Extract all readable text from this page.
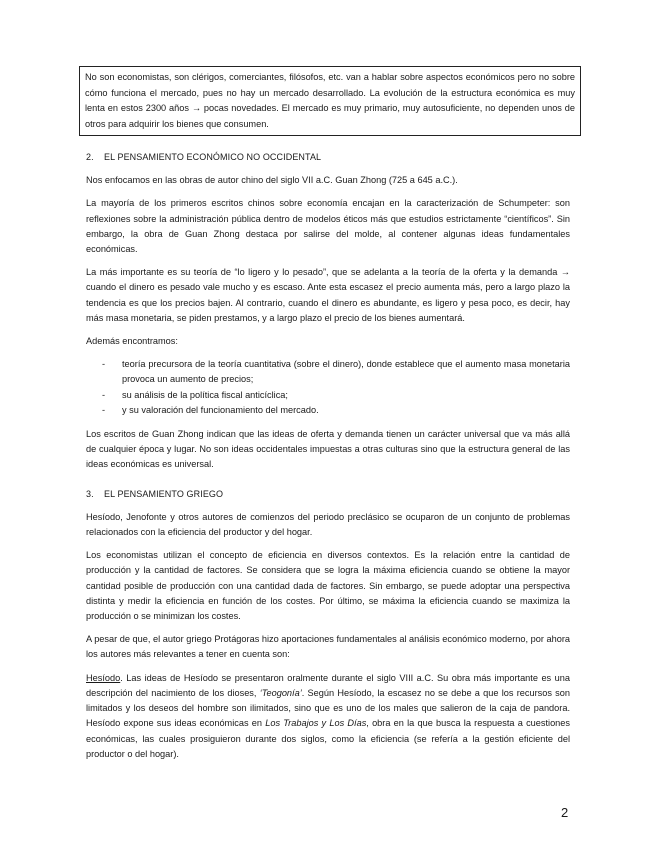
No son economistas, son clérigos, comerciantes, filósofos, etc. van a hablar sobre aspectos económicos pero no sobre cómo funciona el mercado, pues no hay un mercado desarrollado. La evolución de la estructura económica es muy lenta en estos 2300 años → pocas novedades. El mercado es muy primario, muy autosuficiente, no dependen unos de otros para adquirir los bienes que consumen.

2. EL PENSAMIENTO ECONÓMICO NO OCCIDENTAL

Nos enfocamos en las obras de autor chino del siglo VII a.C. Guan Zhong (725 a 645 a.C.).

La mayoría de los primeros escritos chinos sobre economía encajan en la caracterización de Schumpeter: son reflexiones sobre la administración pública dentro de modelos éticos más que estudios estrictamente “científicos”. Sin embargo, la obra de Guan Zhong destaca por salirse del molde, al contener algunas ideas fundamentales económicas.

La más importante es su teoría de “lo ligero y lo pesado”, que se adelanta a la teoría de la oferta y la demanda → cuando el dinero es pesado vale mucho y es escaso. Ante esta escasez el precio aumenta más, pero a largo plazo la tendencia es que los precios bajen. Al contrario, cuando el dinero es abundante, es ligero y pesa poco, es decir, hay más masa monetaria, se piden prestamos, y a largo plazo el precio de los bienes aumentará.

Además encontramos:

- teoría precursora de la teoría cuantitativa (sobre el dinero), donde establece que el aumento masa monetaria provoca un aumento de precios;
- su análisis de la política fiscal anticíclica;
- y su valoración del funcionamiento del mercado.

Los escritos de Guan Zhong indican que las ideas de oferta y demanda tienen un carácter universal que va más allá de cualquier época y lugar. No son ideas occidentales impuestas a otras culturas sino que la estructura general de las ideas económicas es universal.

3. EL PENSAMIENTO GRIEGO

Hesíodo, Jenofonte y otros autores de comienzos del periodo preclásico se ocuparon de un conjunto de problemas relacionados con la eficiencia del productor y del hogar.

Los economistas utilizan el concepto de eficiencia en diversos contextos. Es la relación entre la cantidad de producción y la cantidad de factores. Se considera que se logra la máxima eficiencia cuando se obtiene la mayor cantidad posible de producción con una cantidad dada de factores. Sin embargo, se puede adoptar una perspectiva distinta y medir la eficiencia en función de los costes. Por último, se máxima la eficiencia cuando se maximiza la producción o se minimizan los costes.

A pesar de que, el autor griego Protágoras hizo aportaciones fundamentales al análisis económico moderno, por ahora los autores más relevantes a tener en cuenta son:

Hesíodo. Las ideas de Hesíodo se presentaron oralmente durante el siglo VIII a.C. Su obra más importante es una descripción del nacimiento de los dioses, ‘Teogonía’. Según Hesíodo, la escasez no se debe a que los recursos son limitados y los deseos del hombre son ilimitados, sino que es uno de los males que salieron de la caja de pandora. Hesíodo expone sus ideas económicas en Los Trabajos y Los Días, obra en la que busca la respuesta a cuestiones económicas, las cuales prosiguieron durante dos siglos, como la eficiencia (se refería a la gestión eficiente del productor o del hogar).

2
